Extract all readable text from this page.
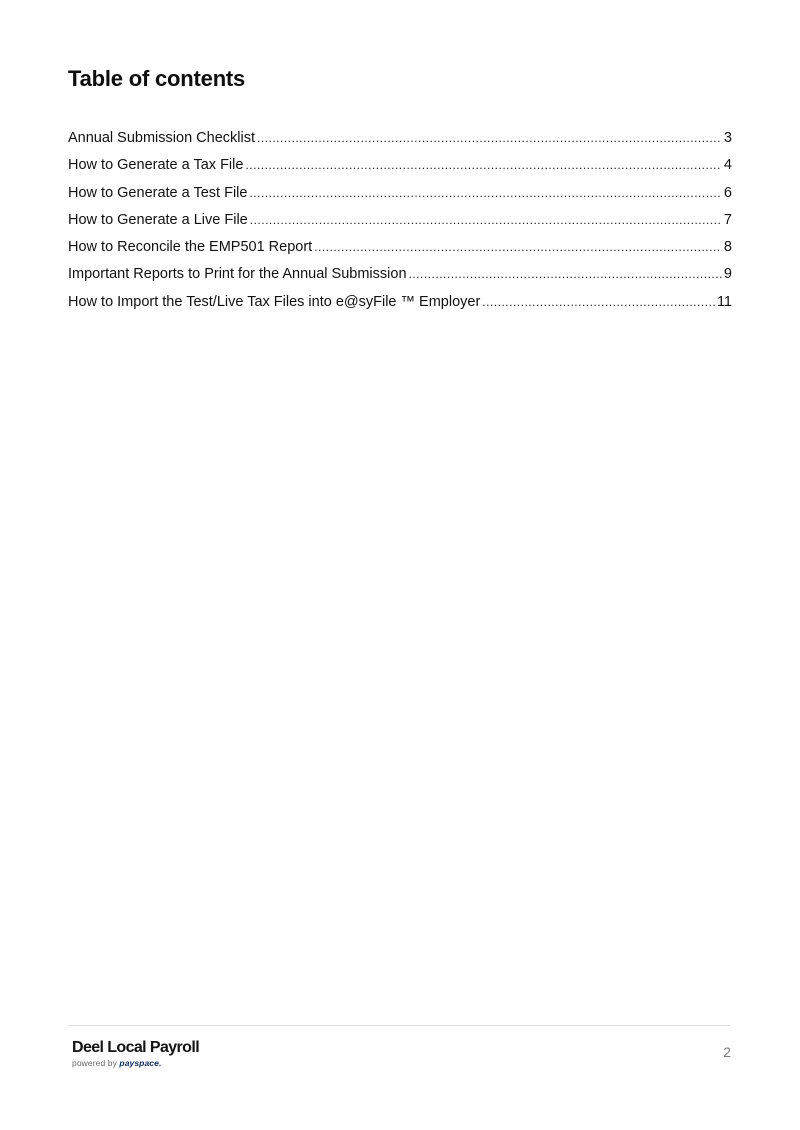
Table of contents
Annual Submission Checklist .....	3
How to Generate a Tax File .....	4
How to Generate a Test File .....	6
How to Generate a Live File .....	7
How to Reconcile the EMP501 Report .....	8
Important Reports to Print for the Annual Submission .....	9
How to Import the Test/Live Tax Files into e@syFile ™ Employer .....	11
Deel Local Payroll
powered by payspace.
2
